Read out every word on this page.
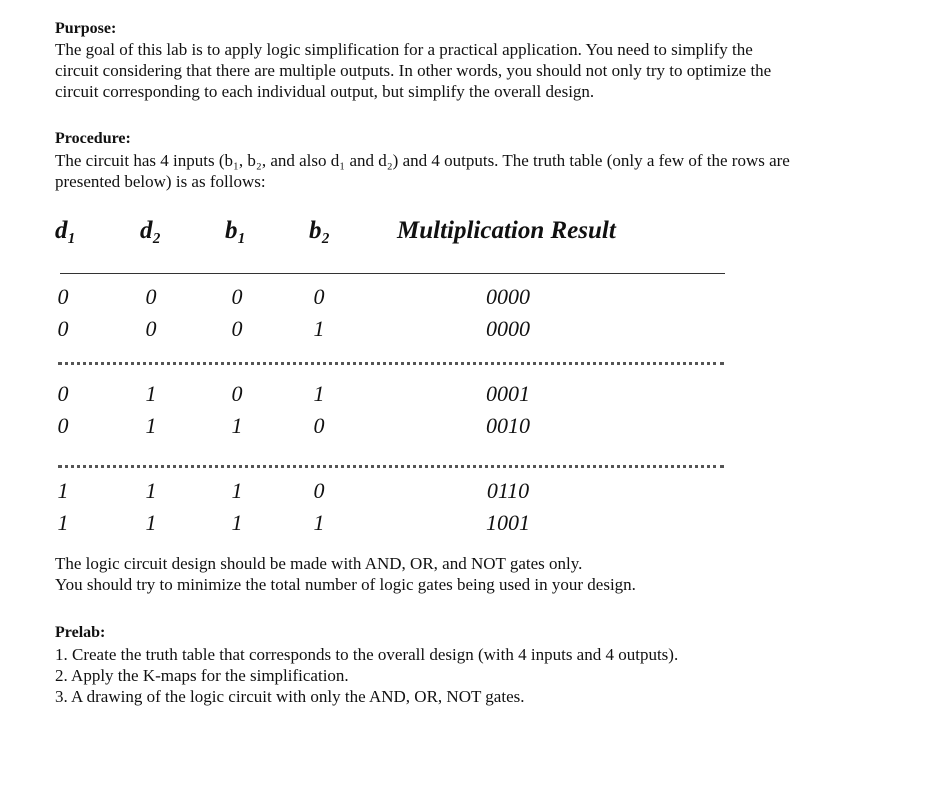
Purpose:
The goal of this lab is to apply logic simplification for a practical application. You need to simplify the
circuit considering that there are multiple outputs. In other words, you should not only try to optimize the
circuit corresponding to each individual output, but simplify the overall design.
Procedure:
The circuit has 4 inputs (b₁, b₂, and also d₁ and d₂) and 4 outputs. The truth table (only a few of the rows are
presented below) is as follows:
d₁	d₂	b₁	b₂	Multiplication Result
0	0	0	0	0000
0	0	0	1	0000
0	1	0	1	0001
0	1	1	0	0010
1	1	1	0	0110
1	1	1	1	1001
The logic circuit design should be made with AND, OR, and NOT gates only.
You should try to minimize the total number of logic gates being used in your design.
Prelab:
1. Create the truth table that corresponds to the overall design (with 4 inputs and 4 outputs).
2. Apply the K-maps for the simplification.
3. A drawing of the logic circuit with only the AND, OR, NOT gates.
